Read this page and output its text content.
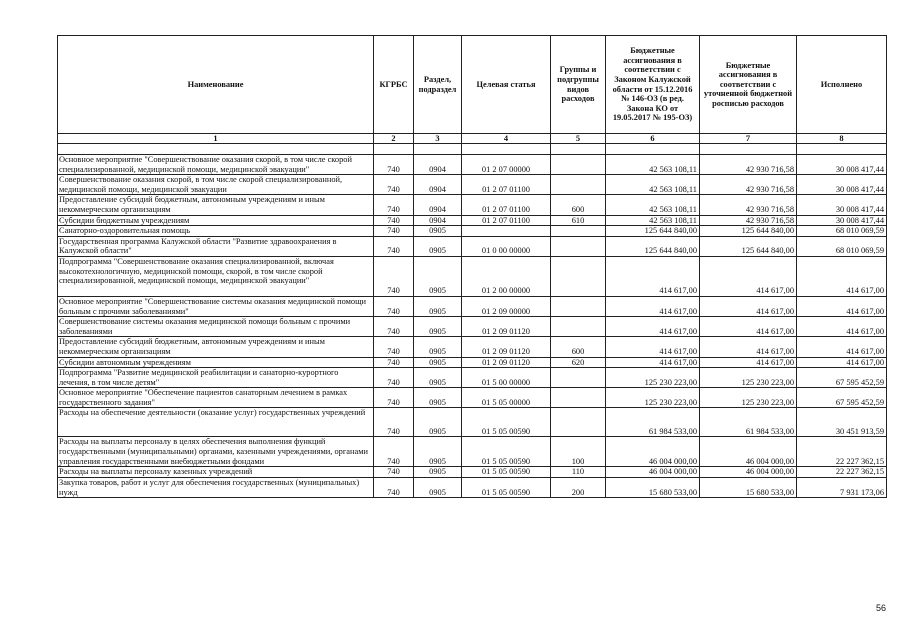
Наименование	КГРБС	Раздел, подраздел	Целевая статья	Группы и подгруппы видов расходов	Бюджетные ассигнования в соответствии с Законом Калужской области от 15.12.2016 № 146-ОЗ (в ред. Закона КО от 19.05.2017 № 195-ОЗ)	Бюджетные ассигнования в соответствии с уточненной бюджетной росписью расходов	Исполнено
1	2	3	4	5	6	7	8

Основное мероприятие "Совершенствование оказания скорой, в том числе скорой специализированной, медицинской помощи, медицинской эвакуации"	740	0904	01 2 07 00000		42 563 108,11	42 930 716,58	30 008 417,44
Совершенствование оказания скорой, в том числе скорой специализированной, медицинской помощи, медицинской эвакуации	740	0904	01 2 07 01100		42 563 108,11	42 930 716,58	30 008 417,44
Предоставление субсидий бюджетным, автономным учреждениям и иным некоммерческим организациям	740	0904	01 2 07 01100	600	42 563 108,11	42 930 716,58	30 008 417,44
Субсидии бюджетным учреждениям	740	0904	01 2 07 01100	610	42 563 108,11	42 930 716,58	30 008 417,44
Санаторно-оздоровительная помощь	740	0905			125 644 840,00	125 644 840,00	68 010 069,59
Государственная программа Калужской области "Развитие здравоохранения в Калужской области"	740	0905	01 0 00 00000		125 644 840,00	125 644 840,00	68 010 069,59
Подпрограмма "Совершенствование оказания специализированной, включая высокотехнологичную, медицинской помощи, скорой, в том числе скорой специализированной, медицинской помощи, медицинской эвакуации"	740	0905	01 2 00 00000		414 617,00	414 617,00	414 617,00
Основное мероприятие "Совершенствование системы оказания медицинской помощи больным с прочими заболеваниями"	740	0905	01 2 09 00000		414 617,00	414 617,00	414 617,00
Совершенствование системы оказания медицинской помощи больным с прочими заболеваниями	740	0905	01 2 09 01120		414 617,00	414 617,00	414 617,00
Предоставление субсидий бюджетным, автономным учреждениям и иным некоммерческим организациям	740	0905	01 2 09 01120	600	414 617,00	414 617,00	414 617,00
Субсидии автономным учреждениям	740	0905	01 2 09 01120	620	414 617,00	414 617,00	414 617,00
Подпрограмма "Развитие медицинской реабилитации и санаторно-курортного лечения, в том числе детям"	740	0905	01 5 00 00000		125 230 223,00	125 230 223,00	67 595 452,59
Основное мероприятие "Обеспечение пациентов санаторным лечением в рамках государственного задания"	740	0905	01 5 05 00000		125 230 223,00	125 230 223,00	67 595 452,59
Расходы на обеспечение деятельности (оказание услуг) государственных учреждений	740	0905	01 5 05 00590		61 984 533,00	61 984 533,00	30 451 913,59
Расходы на выплаты персоналу в целях обеспечения выполнения функций государственными (муниципальными) органами, казенными учреждениями, органами управления государственными внебюджетными фондами	740	0905	01 5 05 00590	100	46 004 000,00	46 004 000,00	22 227 362,15
Расходы на выплаты персоналу казенных учреждений	740	0905	01 5 05 00590	110	46 004 000,00	46 004 000,00	22 227 362,15
Закупка товаров, работ и услуг для обеспечения государственных (муниципальных) нужд	740	0905	01 5 05 00590	200	15 680 533,00	15 680 533,00	7 931 173,06
56
